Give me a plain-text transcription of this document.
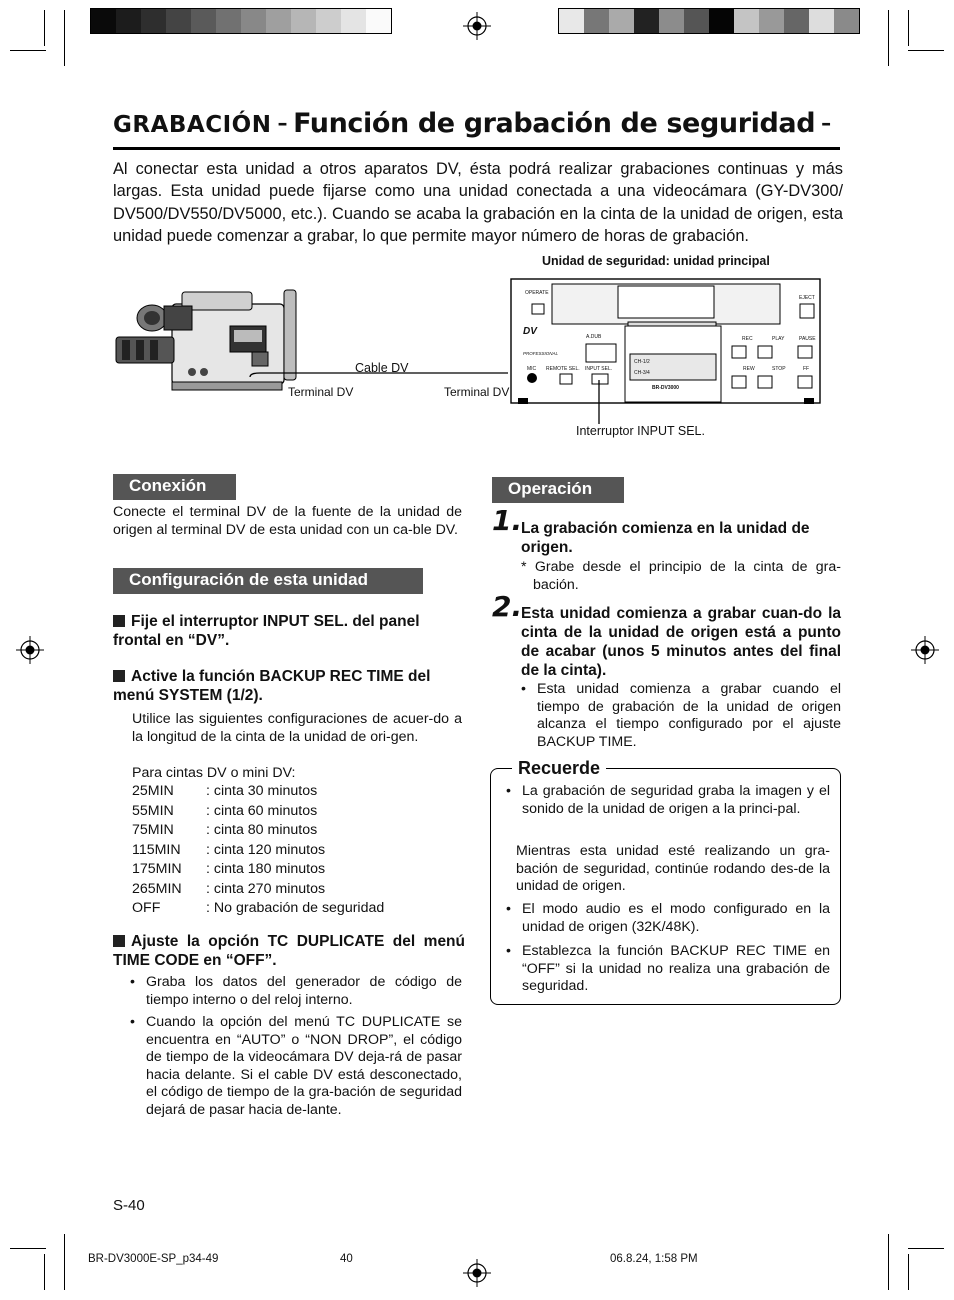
GRABACIÓN – Función de grabación de seguridad –
Al conectar esta unidad a otros aparatos DV, ésta podrá realizar grabaciones continuas y más largas. Esta unidad puede fijarse como una unidad conectada a una videocámara (GY-DV300/ DV500/DV550/DV5000, etc.). Cuando se acaba la grabación en la cinta de la unidad de origen, esta unidad puede comenzar a grabar, lo que permite mayor número de horas de grabación.
Unidad de seguridad: unidad principal
Cable DV
Terminal DV	Terminal DV
OPERATE
EJECT
DV
PROFESSIONAL
A.DUB	REC	PLAY	PAUSE
REW	STOP	FF
MIC REMOTE SEL. INPUT SEL.
CH-1/2
CH-3/4
BR-DV3000
Interruptor INPUT SEL.
Conexión
Conecte el terminal DV de la fuente de la unidad de origen al terminal DV de esta unidad con un ca-ble DV.
Configuración de esta unidad
Fije el interruptor INPUT SEL. del panel frontal en “DV”.
Active la función BACKUP REC TIME del menú SYSTEM (1/2).
Utilice las siguientes configuraciones de acuer-do a la longitud de la cinta de la unidad de ori-gen.
Para cintas DV o mini DV:
25MIN	: cinta 30 minutos
55MIN	: cinta 60 minutos
75MIN	: cinta 80 minutos
115MIN	: cinta 120 minutos
175MIN	: cinta 180 minutos
265MIN	: cinta 270 minutos
OFF	: No grabación de seguridad
Ajuste la opción TC DUPLICATE del menú TIME CODE en “OFF”.
• Graba los datos del generador de código de tiempo interno o del reloj interno.
• Cuando la opción del menú TC DUPLICATE se encuentra en “AUTO” o “NON DROP”, el código de tiempo de la videocámara DV deja-rá de pasar hacia delante. Si el cable DV está desconectado, el código de tiempo de la gra-bación de seguridad dejará de pasar hacia de-lante.
Operación
1.
La grabación comienza en la unidad de origen.
* Grabe desde el principio de la cinta de gra-bación.
2.
Esta unidad comienza a grabar cuan-do la cinta de la unidad de origen está a punto de acabar (unos 5 minutos antes del final de la cinta).
• Esta unidad comienza a grabar cuando el tiempo de grabación de la unidad de origen alcanza el tiempo configurado por el ajuste BACKUP TIME.
Recuerde
• La grabación de seguridad graba la imagen y el sonido de la unidad de origen a la princi-pal.
Mientras esta unidad esté realizando un gra-bación de seguridad, continúe rodando des-de la unidad de origen.
• El modo audio es el modo configurado en la unidad de origen (32K/48K).
• Establezca la función BACKUP REC TIME en “OFF” si la unidad no realiza una grabación de seguridad.
S-40
BR-DV3000E-SP_p34-49	40	06.8.24, 1:58 PM
